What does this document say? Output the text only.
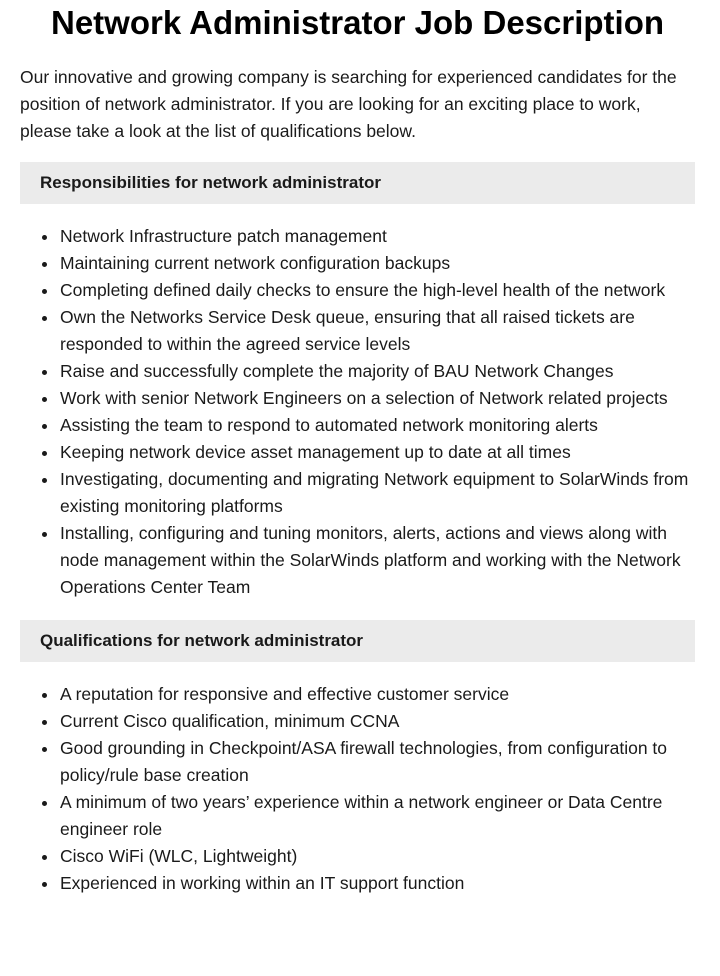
Network Administrator Job Description

Our innovative and growing company is searching for experienced candidates for the position of network administrator. If you are looking for an exciting place to work, please take a look at the list of qualifications below.

Responsibilities for network administrator
Network Infrastructure patch management
Maintaining current network configuration backups
Completing defined daily checks to ensure the high-level health of the network
Own the Networks Service Desk queue, ensuring that all raised tickets are responded to within the agreed service levels
Raise and successfully complete the majority of BAU Network Changes
Work with senior Network Engineers on a selection of Network related projects
Assisting the team to respond to automated network monitoring alerts
Keeping network device asset management up to date at all times
Investigating, documenting and migrating Network equipment to SolarWinds from existing monitoring platforms
Installing, configuring and tuning monitors, alerts, actions and views along with node management within the SolarWinds platform and working with the Network Operations Center Team
Qualifications for network administrator
A reputation for responsive and effective customer service
Current Cisco qualification, minimum CCNA
Good grounding in Checkpoint/ASA firewall technologies, from configuration to policy/rule base creation
A minimum of two years’ experience within a network engineer or Data Centre engineer role
Cisco WiFi (WLC, Lightweight)
Experienced in working within an IT support function
